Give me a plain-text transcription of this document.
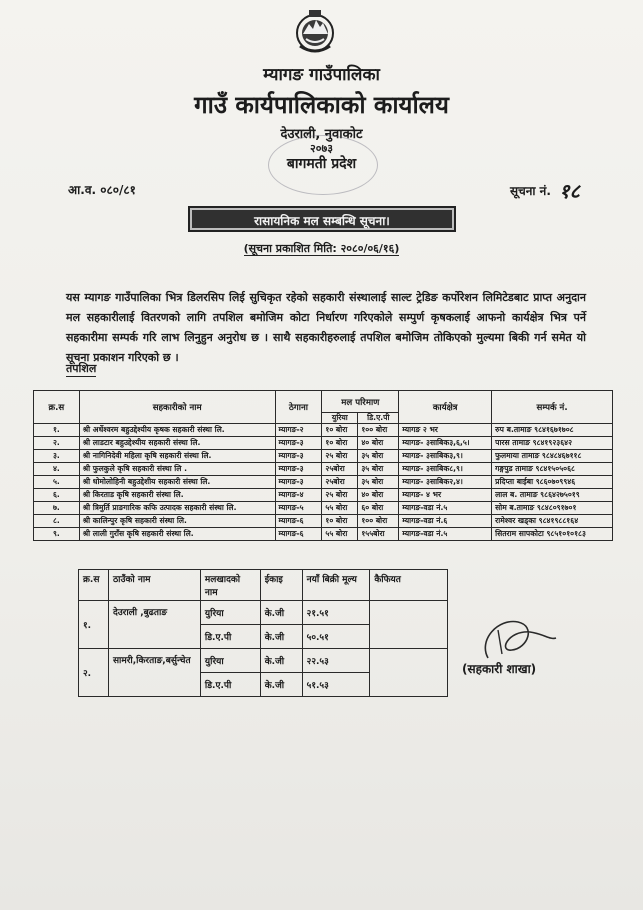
म्यागङ गाउँपालिका
गाउँ कार्यपालिकाको कार्यालय
देउराली, नुवाकोट
२०७३
बागमती प्रदेश
आ.व. ०८०/८१	सूचना नं. १८
रासायनिक मल सम्बन्धि सूचना।
(सूचना प्रकाशित मिति: २०८०/०६/१६)

यस म्यागङ गाउँपालिका भित्र डिलरसिप लिई सुचिकृत रहेको सहकारी संस्थालाई साल्ट ट्रेडिङ कर्पोरेशन लिमिटेडबाट प्राप्त अनुदान मल सहकारीलाई वितरणको लागि तपशिल बमोजिम कोटा निर्धारण गरिएकोले सम्पुर्ण कृषकलाई आफनो कार्यक्षेत्र भित्र पर्ने सहकारीमा सम्पर्क गरि लाभ लिनुहुन अनुरोध छ । साथै सहकारीहरुलाई तपशिल बमोजिम तोकिएको मुल्यमा बिकी गर्न समेत यो सूचना प्रकाशन गरिएको छ ।

तपशिल
क्र.स	सहकारीको नाम	ठेगाना	मल परिमाण		कार्यक्षेत्र	सम्पर्क नं.
			युरिया	डि.ए.पी		
१.	श्री अर्धेश्वरम बहुउद्देश्यीय कृषक सहकारी संस्था लि.	म्यागङ-२	१० बोरा	१०० बोरा	म्यागङ २ भर	रुप ब.तामाङ ९८४१६७१७०८
२.	श्री लाडटार बहुउद्देश्यीय सहकारी संस्था लि.	म्यागङ-३	१० बोरा	४० बोरा	म्यागङ- ३साबिक३,६,५।	पारस तामाङ ९८४१९२३६४२
३.	श्री नागिनिदेवी महिला कृषि सहकारी संस्था लि.	म्यागङ-३	२५ बोरा	३५ बोरा	म्यागङ- ३साबिक३,९।	फुलमाया तामाङ ९८४८४६७११८
४.	श्री फुलकुले कृषि सहकारी संस्था लि .	म्यागङ-३	२५बोरा	३५ बोरा	म्यागङ- ३साबिक८,९।	गङ्गपुड तामाङ ९८४१५०५०६८
५.	श्री धोमोलोहिनी बहुउद्देशीय सहकारी संस्था लि.	म्यागङ-३	२५बोरा	३५ बोरा	म्यागङ- ३साबिक२,४।	प्रदिप्ता बाईबा ९८६०७०९९४६
६.	श्री किरताड कृषि सहकारी संस्था लि.	म्यागङ-४	२५ बोरा	४० बोरा	म्यागङ- ४ भर	लाल ब. तामाङ ९८६४२७५०१९
७.	श्री त्रिमुर्ति प्राङगारिक कफि उत्पादक सहकारी संस्था लि.	म्यागङ-५	५५ बोरा	६० बोरा	म्यागङ-वडा नं.५	सोम ब.तामाङ ९८४८०९१७०१
८.	श्री कालिन्पुर कृषि सहकारी संस्था लि.	म्यागङ-६	१० बोरा	१०० बोरा	म्यागङ-वडा नं.६	रामेश्वर खड्का ९८४१९८८१६४
९.	श्री लाली गुराँस कृषि सहकारी संस्था लि.	म्यागङ-६	५५ बोरा	१५५बोरा	म्यागङ-वडा नं.५	सितराम सापकोटा ९८५१०१०१८३
क्र.स	ठाउँको नाम	मलखादको नाम	ईकाइ	नयाँ बिक्री मूल्य	कैफियत
१.	देउराली ,बुढताङ	युरिया	के.जी	२१.५१	
		डि.ए.पी	के.जी	५०.५१	
२.	सामरी,किरताङ,बर्सुन्चेत	युरिया	के.जी	२२.५३	
		डि.ए.पी	के.जी	५१.५३	
(सहकारी शाखा)
